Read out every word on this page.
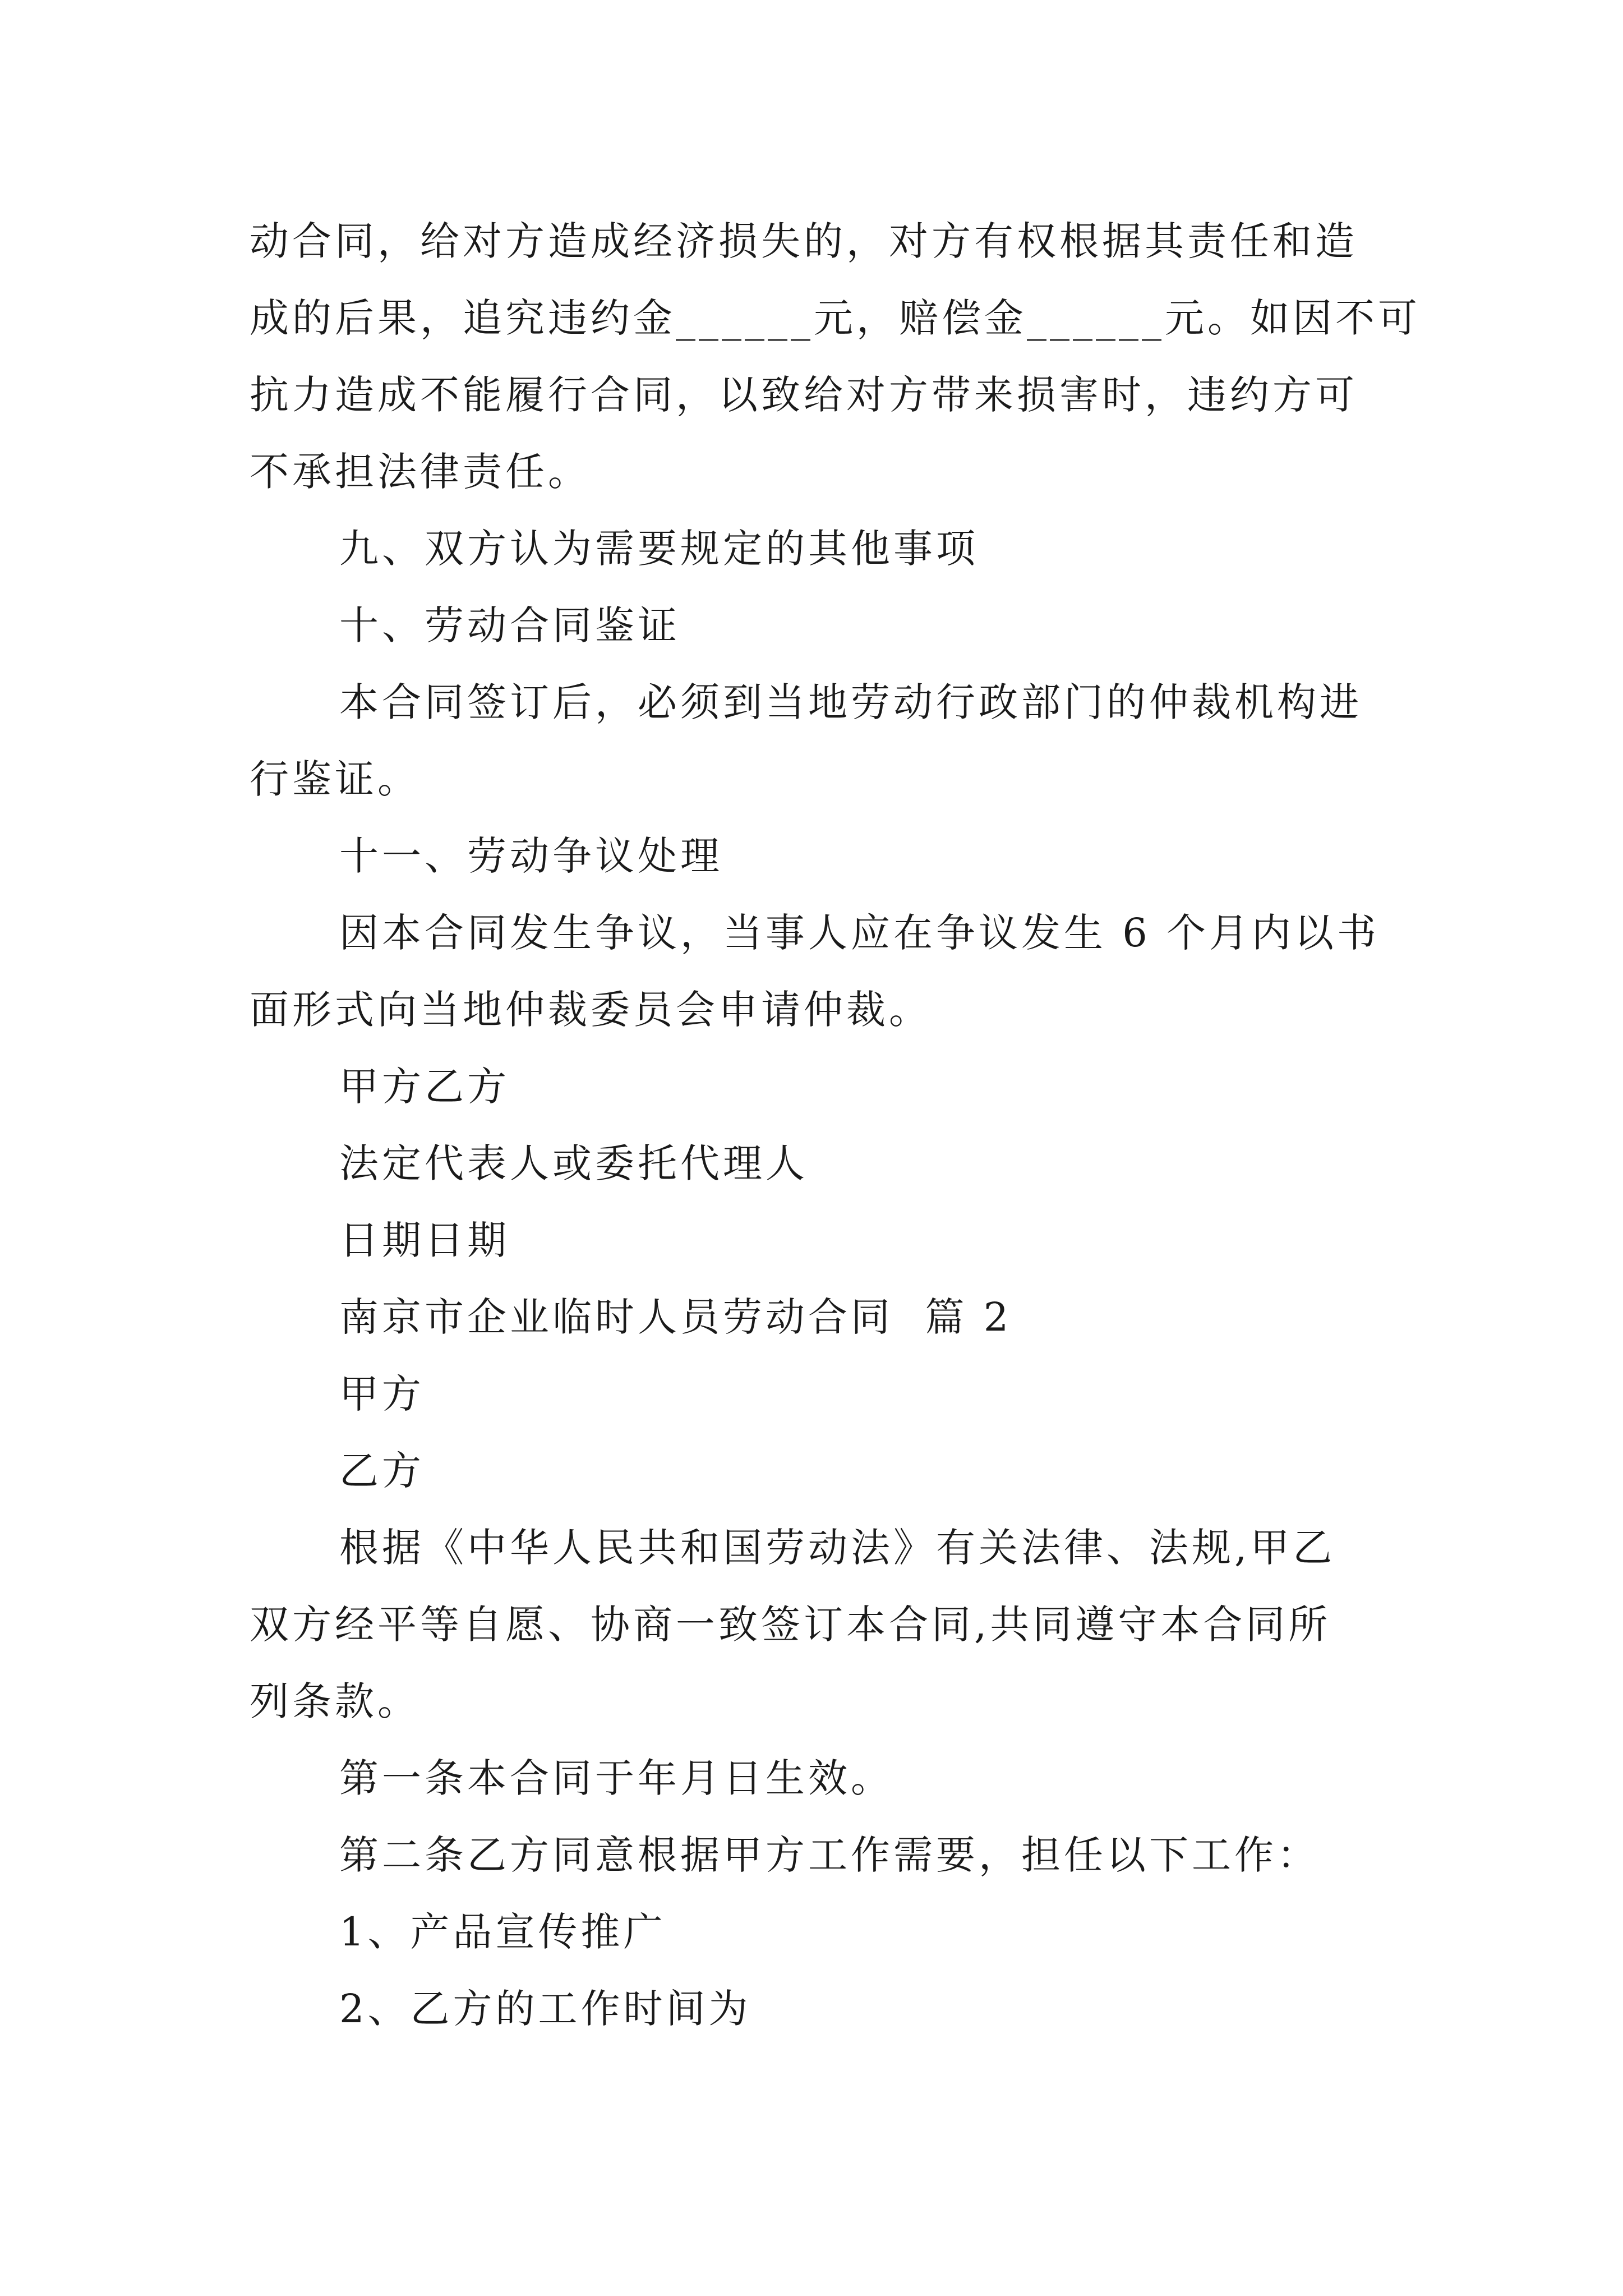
动合同，给对方造成经济损失的，对方有权根据其责任和造
成的后果，追究违约金______元，赔偿金______元。如因不可
抗力造成不能履行合同，以致给对方带来损害时，违约方可
不承担法律责任。
九、双方认为需要规定的其他事项
十、劳动合同鉴证
本合同签订后，必须到当地劳动行政部门的仲裁机构进
行鉴证。
十一、劳动争议处理
因本合同发生争议，当事人应在争议发生 6 个月内以书
面形式向当地仲裁委员会申请仲裁。
甲方乙方
法定代表人或委托代理人
日期日期
南京市企业临时人员劳动合同  篇 2
甲方
乙方
根据《中华人民共和国劳动法》有关法律、法规,甲乙
双方经平等自愿、协商一致签订本合同,共同遵守本合同所
列条款。
第一条本合同于年月日生效。
第二条乙方同意根据甲方工作需要，担任以下工作：
1、产品宣传推广
2、乙方的工作时间为
